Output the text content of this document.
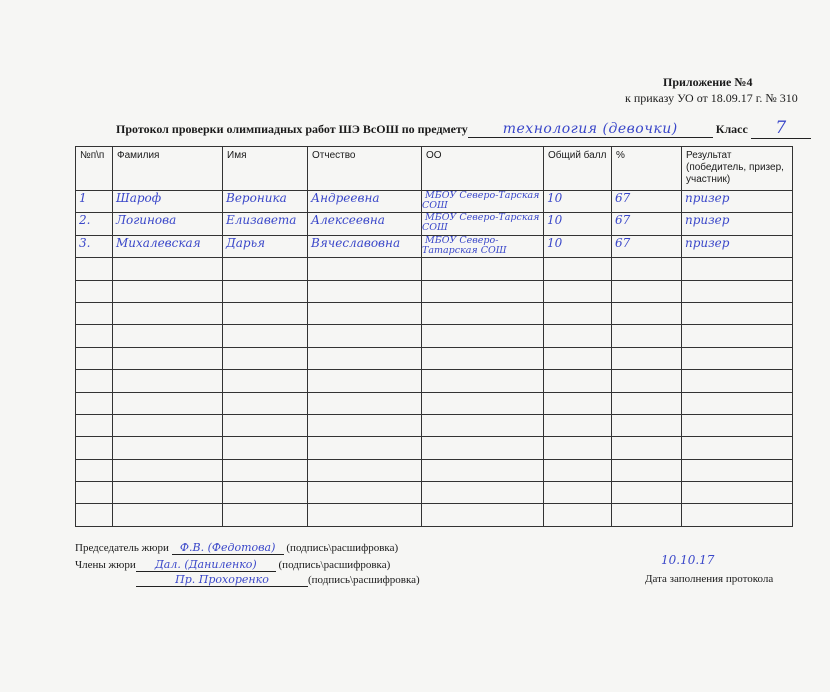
Приложение №4
к приказу УО от 18.09.17 г. № 310
Протокол проверки олимпиадных работ ШЭ ВсОШ по предмету технология (девочки)	Класс 7
№п\п	Фамилия	Имя	Отчество	ОО	Общий балл	%	Результат (победитель, призер, участник)
1	Шароф	Вероника	Андреевна	МБОУ Северо-Тарская СОШ	10	67	призер
2.	Логинова	Елизавета	Алексеевна	МБОУ Северо-Тарская СОШ	10	67	призер
3.	Михалевская	Дарья	Вячеславовна	МБОУ Северо-Татарская СОШ	10	67	призер

Председатель жюри Ф.В. (Федотова) (подпись\расшифровка)
Члены жюри Дал. (Даниленко) (подпись\расшифровка)
Пр. Прохоренко	(подпись\расшифровка)
10.10.17
Дата заполнения протокола
